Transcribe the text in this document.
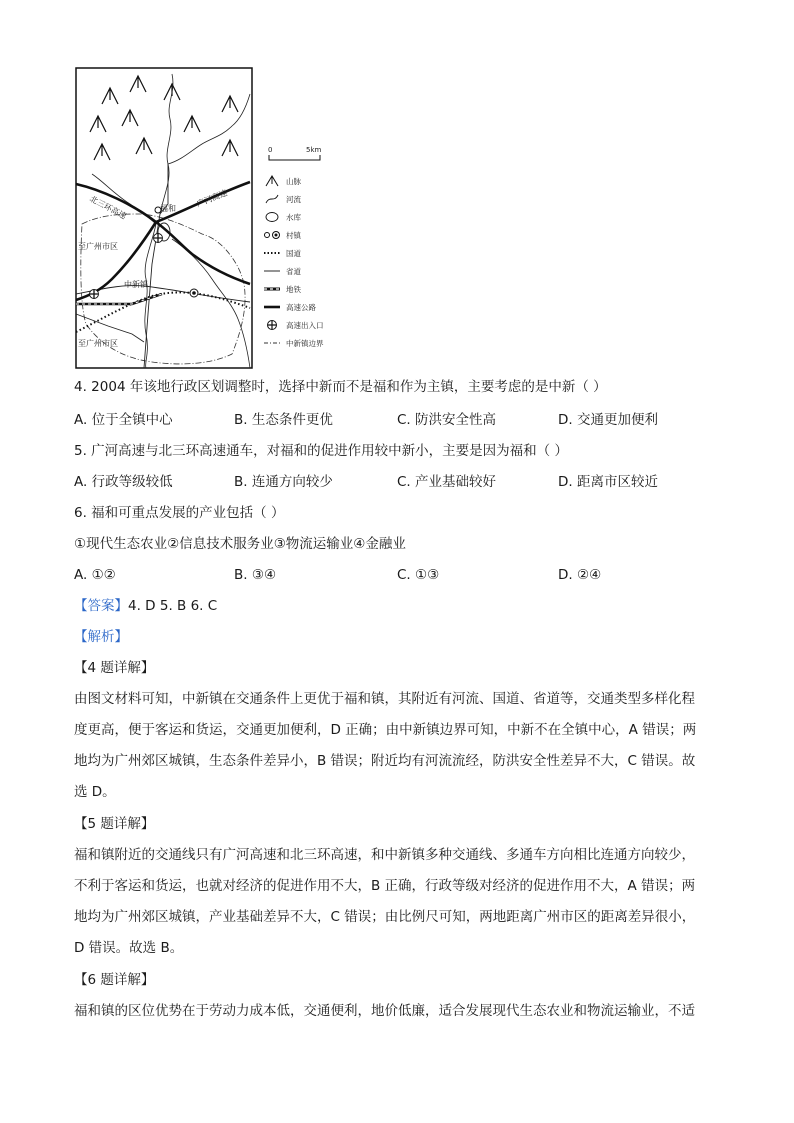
福和 广河高速
北三环高速
至广州市区
中新镇
至广州市区
0	5km
山脉
河流
水库
村镇
国道
省道
地铁
高速公路
高速出入口
中新镇边界
4. 2004 年该地行政区划调整时，选择中新而不是福和作为主镇，主要考虑的是中新（ ）
A. 位于全镇中心	B. 生态条件更优	C. 防洪安全性高	D. 交通更加便利
5. 广河高速与北三环高速通车，对福和的促进作用较中新小，主要是因为福和（ ）
A. 行政等级较低	B. 连通方向较少	C. 产业基础较好	D. 距离市区较近
6. 福和可重点发展的产业包括（ ）
①现代生态农业②信息技术服务业③物流运输业④金融业
A. ①②	B. ③④	C. ①③	D. ②④
【答案】4. D 5. B 6. C
【解析】
【4 题详解】
由图文材料可知，中新镇在交通条件上更优于福和镇，其附近有河流、国道、省道等，交通类型多样化程
度更高，便于客运和货运，交通更加便利，D 正确；由中新镇边界可知，中新不在全镇中心，A 错误；两
地均为广州郊区城镇，生态条件差异小，B 错误；附近均有河流流经，防洪安全性差异不大，C 错误。故
选 D。
【5 题详解】
福和镇附近的交通线只有广河高速和北三环高速，和中新镇多种交通线、多通车方向相比连通方向较少，
不利于客运和货运，也就对经济的促进作用不大，B 正确，行政等级对经济的促进作用不大，A 错误；两
地均为广州郊区城镇，产业基础差异不大，C 错误；由比例尺可知，两地距离广州市区的距离差异很小，
D 错误。故选 B。
【6 题详解】
福和镇的区位优势在于劳动力成本低，交通便利，地价低廉，适合发展现代生态农业和物流运输业，不适
